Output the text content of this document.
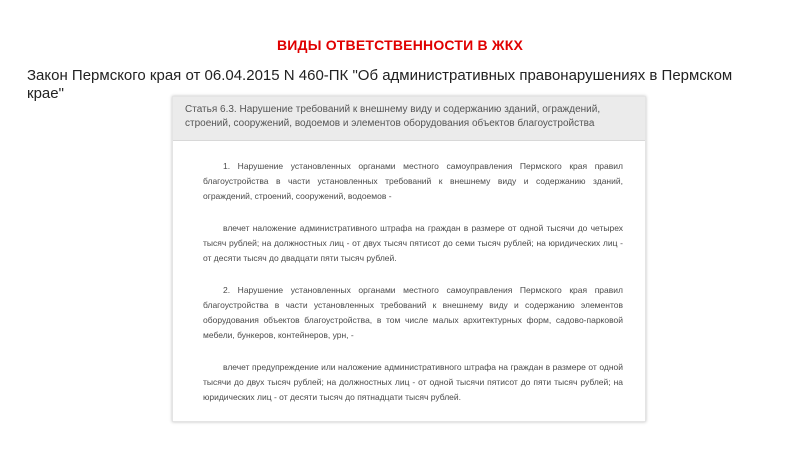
ВИДЫ ОТВЕТСТВЕННОСТИ В ЖКХ
Закон Пермского края от 06.04.2015 N 460-ПК "Об административных правонарушениях в Пермском крае"
Статья 6.3. Нарушение требований к внешнему виду и содержанию зданий, ограждений, строений, сооружений, водоемов и элементов оборудования объектов благоустройства

1. Нарушение установленных органами местного самоуправления Пермского края правил благоустройства в части установленных требований к внешнему виду и содержанию зданий, ограждений, строений, сооружений, водоемов -

влечет наложение административного штрафа на граждан в размере от одной тысячи до четырех тысяч рублей; на должностных лиц - от двух тысяч пятисот до семи тысяч рублей; на юридических лиц - от десяти тысяч до двадцати пяти тысяч рублей.

2. Нарушение установленных органами местного самоуправления Пермского края правил благоустройства в части установленных требований к внешнему виду и содержанию элементов оборудования объектов благоустройства, в том числе малых архитектурных форм, садово-парковой мебели, бункеров, контейнеров, урн, -

влечет предупреждение или наложение административного штрафа на граждан в размере от одной тысячи до двух тысяч рублей; на должностных лиц - от одной тысячи пятисот до пяти тысяч рублей; на юридических лиц - от десяти тысяч до пятнадцати тысяч рублей.
